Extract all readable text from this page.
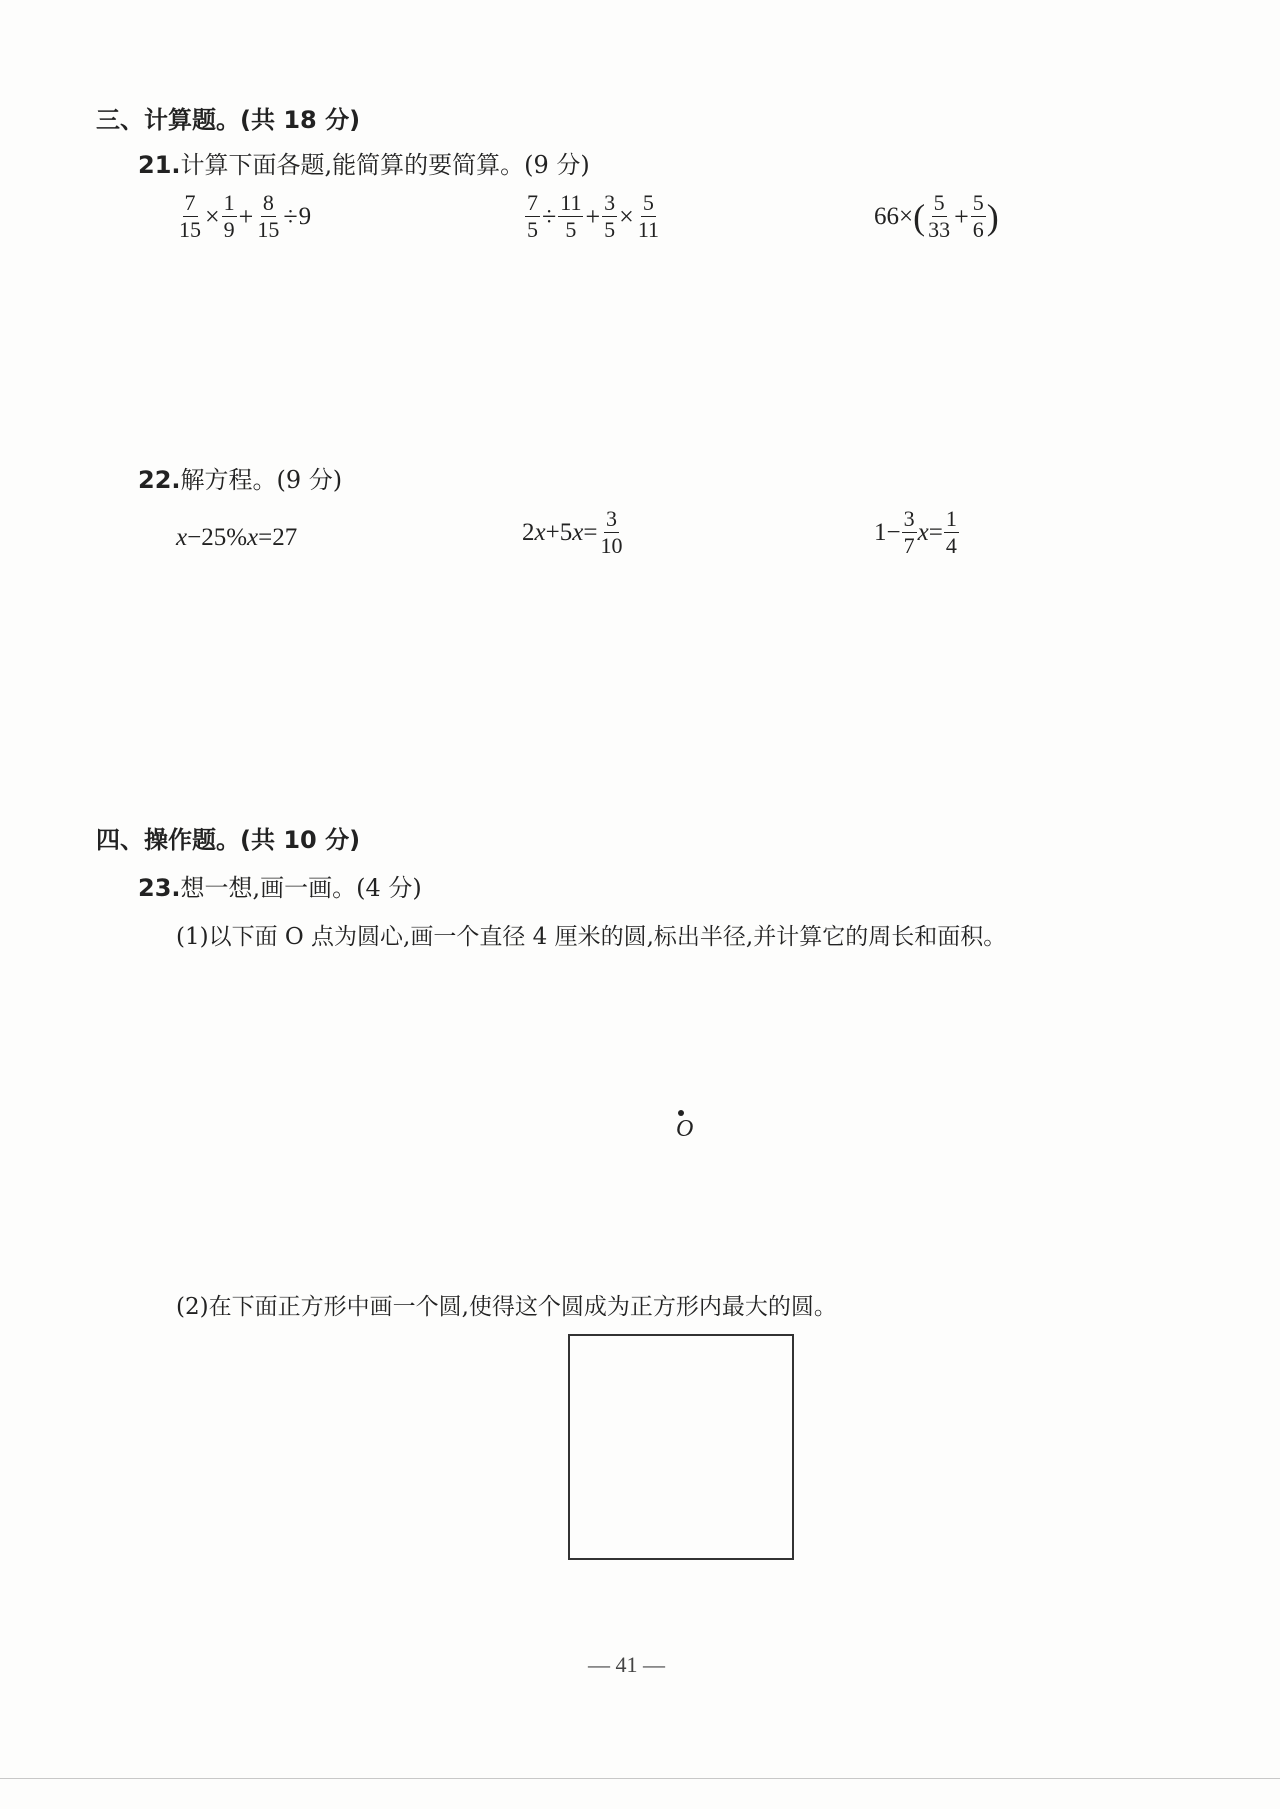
三、计算题。(共 18 分)
21.计算下面各题,能简算的要简算。(9 分)
$\frac{7}{15} \times \frac{1}{9} + \frac{8}{15} \div 9$	$\frac{7}{5} \div \frac{11}{5} + \frac{3}{5} \times \frac{5}{11}$	66× ( $\frac{5}{33} + \frac{5}{6}$ )
22.解方程。(9 分)
x −25% x =27	2 x +5 $x = \frac{3}{10}$	$1- \frac{3}{7}$ $x = \frac{1}{4}$
四、操作题。(共 10 分)
23.想一想,画一画。(4 分)
(1)以下面 O 点为圆心,画一个直径 4 厘米的圆,标出半径,并计算它的周长和面积。
O
(2)在下面正方形中画一个圆,使得这个圆成为正方形内最大的圆。
— 41 —
